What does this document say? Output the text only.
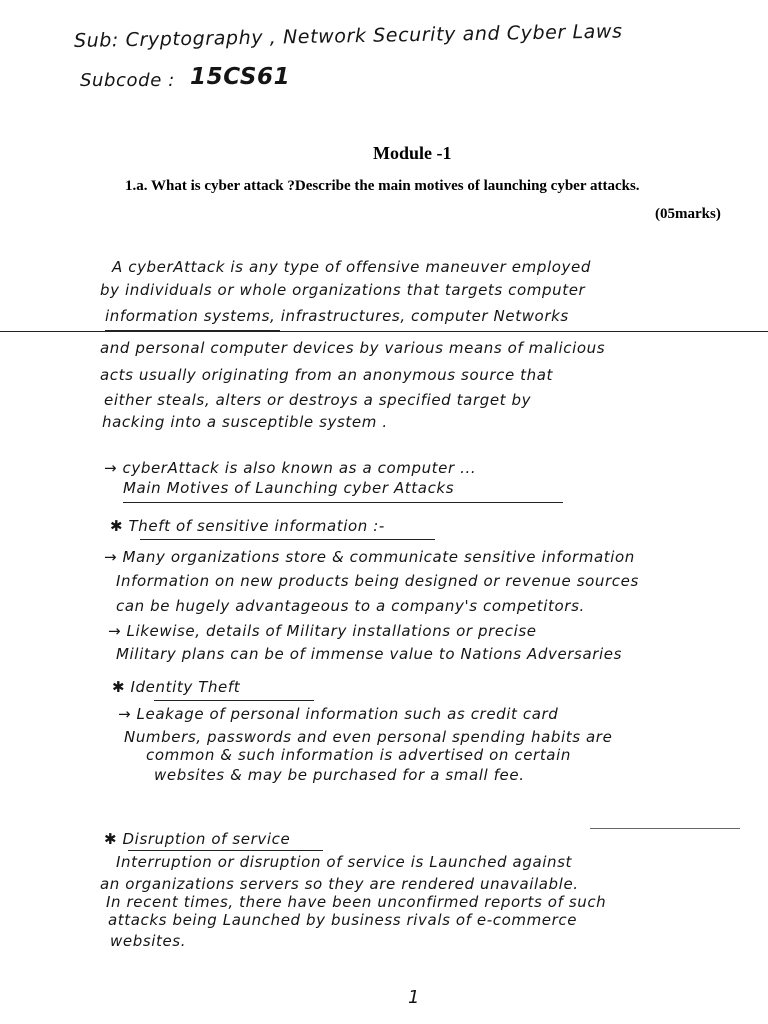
Sub: Cryptography , Network Security and Cyber Laws
Subcode : 15CS61
Module -1
1.a. What is cyber attack ?Describe the main motives of launching cyber attacks.
(05marks)
A cyberAttack is any type of offensive maneuver employed
by individuals or whole organizations that targets computer
information systems, infrastructures, computer Networks
and personal computer devices by various means of malicious
acts usually originating from an anonymous source that
either steals, alters or destroys a specified target by
hacking into a susceptible system .
→ cyberAttack is also known as a computer ...
Main Motives of Launching cyber Attacks
✱ Theft of sensitive information :-
→ Many organizations store & communicate sensitive information
Information on new products being designed or revenue sources
can be hugely advantageous to a company's competitors.
→ Likewise, details of Military installations or precise
Military plans can be of immense value to Nations Adversaries
✱ Identity Theft
→ Leakage of personal information such as credit card
Numbers, passwords and even personal spending habits are
common & such information is advertised on certain
websites & may be purchased for a small fee.
✱ Disruption of service
Interruption or disruption of service is Launched against
an organizations servers so they are rendered unavailable.
In recent times, there have been unconfirmed reports of such
attacks being Launched by business rivals of e-commerce
websites.
1
